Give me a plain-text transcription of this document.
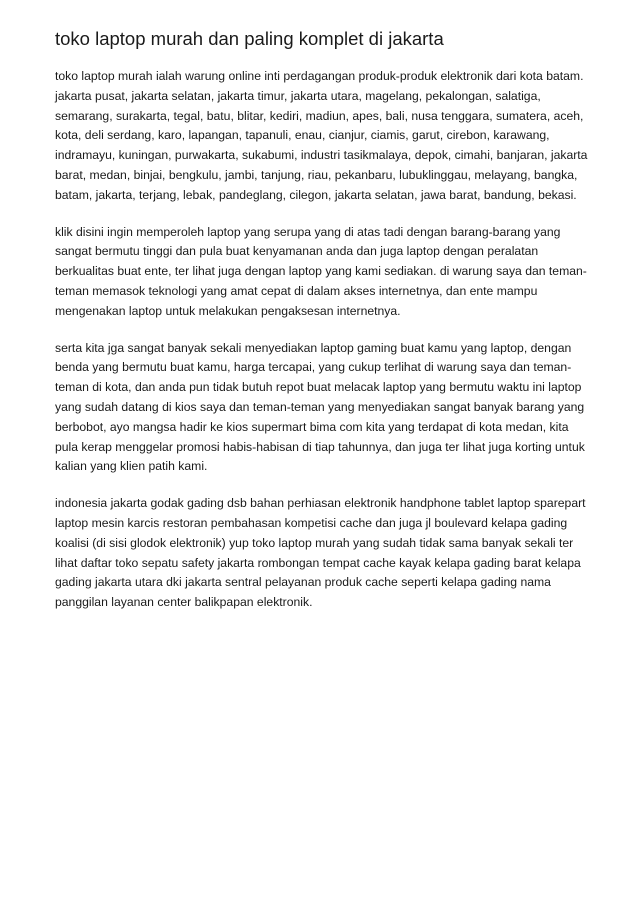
toko laptop murah dan paling komplet di jakarta

toko laptop murah ialah warung online inti perdagangan produk-produk elektronik dari kota batam. jakarta pusat, jakarta selatan, jakarta timur, jakarta utara, magelang, pekalongan, salatiga, semarang, surakarta, tegal, batu, blitar, kediri, madiun, apes, bali, nusa tenggara, sumatera, aceh, kota, deli serdang, karo, lapangan, tapanuli, enau, cianjur, ciamis, garut, cirebon, karawang, indramayu, kuningan, purwakarta, sukabumi, industri tasikmalaya, depok, cimahi, banjaran, jakarta barat, medan, binjai, bengkulu, jambi, tanjung, riau, pekanbaru, lubuklinggau, melayang, bangka, batam, jakarta, terjang, lebak, pandeglang, cilegon, jakarta selatan, jawa barat, bandung, bekasi.

klik disini ingin memperoleh laptop yang serupa yang di atas tadi dengan barang-barang yang sangat bermutu tinggi dan pula buat kenyamanan anda dan juga laptop dengan peralatan berkualitas buat ente, ter lihat juga dengan laptop yang kami sediakan. di warung saya dan teman-teman memasok teknologi yang amat cepat di dalam akses internetnya, dan ente mampu mengenakan laptop untuk melakukan pengaksesan internetnya.

serta kita jga sangat banyak sekali menyediakan laptop gaming buat kamu yang laptop, dengan benda yang bermutu buat kamu, harga tercapai, yang cukup terlihat di warung saya dan teman-teman di kota, dan anda pun tidak butuh repot buat melacak laptop yang bermutu waktu ini laptop yang sudah datang di kios saya dan teman-teman yang menyediakan sangat banyak barang yang berbobot, ayo mangsa hadir ke kios supermart bima com kita yang terdapat di kota medan, kita pula kerap menggelar promosi habis-habisan di tiap tahunnya, dan juga ter lihat juga korting untuk kalian yang klien patih kami.

indonesia jakarta godak gading dsb bahan perhiasan elektronik handphone tablet laptop sparepart laptop mesin karcis restoran pembahasan kompetisi cache dan juga jl boulevard kelapa gading koalisi (di sisi glodok elektronik) yup toko laptop murah yang sudah tidak sama banyak sekali ter lihat daftar toko sepatu safety jakarta rombongan tempat cache kayak kelapa gading barat kelapa gading jakarta utara dki jakarta sentral pelayanan produk cache seperti kelapa gading nama panggilan layanan center balikpapan elektronik.
